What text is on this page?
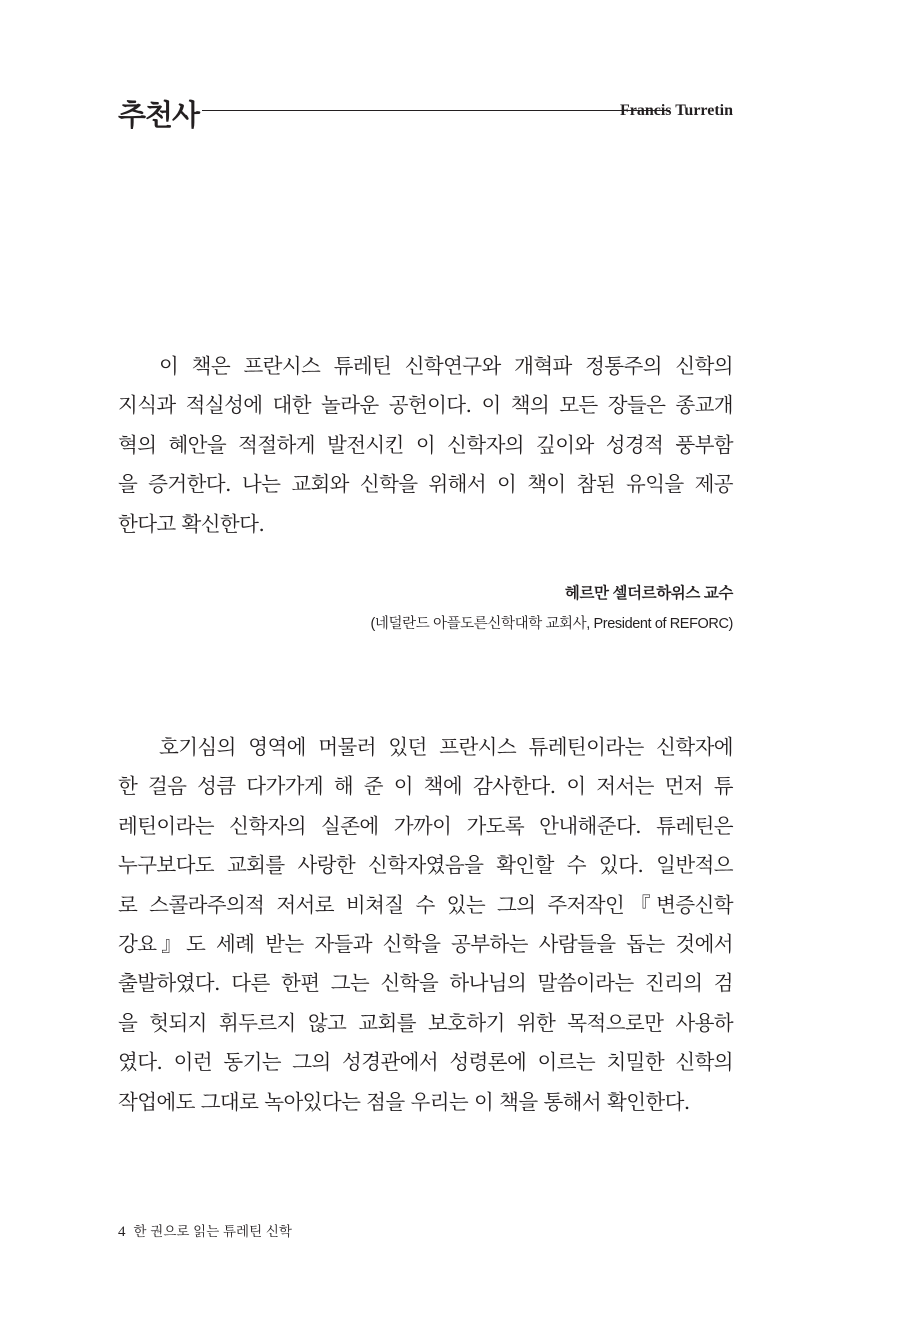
추천사	Francis Turretin
이 책은 프란시스 튜레틴 신학연구와 개혁파 정통주의 신학의
지식과 적실성에 대한 놀라운 공헌이다. 이 책의 모든 장들은 종교개
혁의 혜안을 적절하게 발전시킨 이 신학자의 깊이와 성경적 풍부함
을 증거한다. 나는 교회와 신학을 위해서 이 책이 참된 유익을 제공
한다고 확신한다.
헤르만 셀더르하위스 교수
(네덜란드 아플도른신학대학 교회사, President of REFORC)
호기심의 영역에 머물러 있던 프란시스 튜레틴이라는 신학자에
한 걸음 성큼 다가가게 해 준 이 책에 감사한다. 이 저서는 먼저 튜
레틴이라는 신학자의 실존에 가까이 가도록 안내해준다. 튜레틴은
누구보다도 교회를 사랑한 신학자였음을 확인할 수 있다. 일반적으
로 스콜라주의적 저서로 비쳐질 수 있는 그의 주저작인『변증신학
강요』도 세례 받는 자들과 신학을 공부하는 사람들을 돕는 것에서
출발하였다. 다른 한편 그는 신학을 하나님의 말씀이라는 진리의 검
을 헛되지 휘두르지 않고 교회를 보호하기 위한 목적으로만 사용하
였다. 이런 동기는 그의 성경관에서 성령론에 이르는 치밀한 신학의
작업에도 그대로 녹아있다는 점을 우리는 이 책을 통해서 확인한다.
4 한 권으로 읽는 튜레틴 신학
